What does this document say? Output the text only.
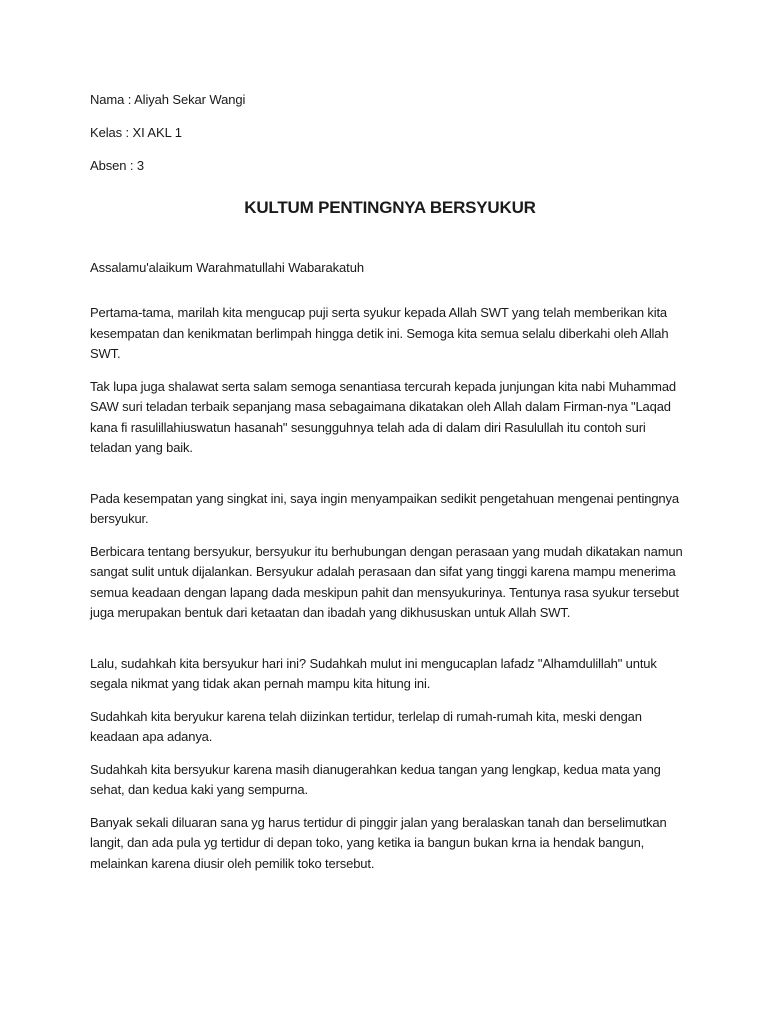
Nama : Aliyah Sekar Wangi

Kelas : XI AKL 1

Absen : 3

KULTUM PENTINGNYA BERSYUKUR

Assalamu'alaikum Warahmatullahi Wabarakatuh

Pertama-tama, marilah kita mengucap puji serta syukur kepada Allah SWT yang telah memberikan kita kesempatan dan kenikmatan berlimpah hingga detik ini. Semoga kita semua selalu diberkahi oleh Allah SWT.

Tak lupa juga shalawat serta salam semoga senantiasa tercurah kepada junjungan kita nabi Muhammad SAW suri teladan terbaik sepanjang masa sebagaimana dikatakan oleh Allah dalam Firman-nya "Laqad kana fi rasulillahiuswatun hasanah" sesungguhnya telah ada di dalam diri Rasulullah itu contoh suri teladan yang baik.

Pada kesempatan yang singkat ini, saya ingin menyampaikan sedikit pengetahuan mengenai pentingnya bersyukur.

Berbicara tentang bersyukur, bersyukur itu berhubungan dengan perasaan yang mudah dikatakan namun sangat sulit untuk dijalankan. Bersyukur adalah perasaan dan sifat yang tinggi karena mampu menerima semua keadaan dengan lapang dada meskipun pahit dan mensyukurinya. Tentunya rasa syukur tersebut juga merupakan bentuk dari ketaatan dan ibadah yang dikhususkan untuk Allah SWT.

Lalu, sudahkah kita bersyukur hari ini? Sudahkah mulut ini mengucaplan lafadz "Alhamdulillah" untuk segala nikmat yang tidak akan pernah mampu kita hitung ini.

Sudahkah kita beryukur karena telah diizinkan tertidur, terlelap di rumah-rumah kita, meski dengan keadaan apa adanya.

Sudahkah kita bersyukur karena masih dianugerahkan kedua tangan yang lengkap, kedua mata yang sehat, dan kedua kaki yang sempurna.

Banyak sekali diluaran sana yg harus tertidur di pinggir jalan yang beralaskan tanah dan berselimutkan langit, dan ada pula yg tertidur di depan toko, yang ketika ia bangun bukan krna ia hendak bangun, melainkan karena diusir oleh pemilik toko tersebut.
